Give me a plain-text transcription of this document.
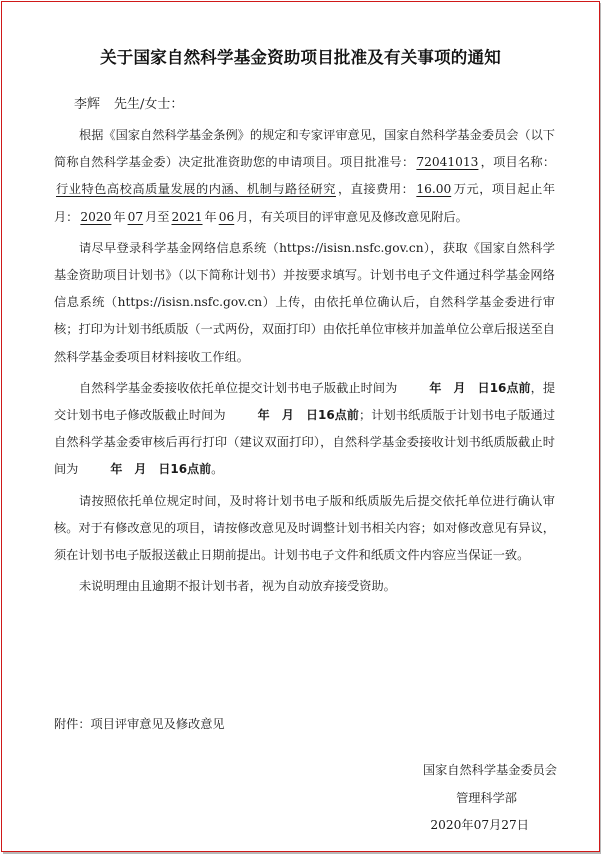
关于国家自然科学基金资助项目批准及有关事项的通知
李辉 先生/女士：

根据《国家自然科学基金条例》的规定和专家评审意见，国家自然科学基金委员会（以下简称自然科学基金委）决定批准资助您的申请项目。项目批准号： 72041013 ，项目名称：行业特色高校高质量发展的内涵、机制与路径研究 ，直接费用： 16.00 万元，项目起止年月： 2020 年 07 月至 2021 年 06 月，有关项目的评审意见及修改意见附后。

请尽早登录科学基金网络信息系统（https://isisn.nsfc.gov.cn），获取《国家自然科学基金资助项目计划书》（以下简称计划书）并按要求填写。计划书电子文件通过科学基金网络信息系统（https://isisn.nsfc.gov.cn）上传，由依托单位确认后，自然科学基金委进行审核；打印为计划书纸质版（一式两份，双面打印）由依托单位审核并加盖单位公章后报送至自然科学基金委项目材料接收工作组。

自然科学基金委接收依托单位提交计划书电子版截止时间为	年　月　日16点前，提交计划书电子修改版截止时间为	年　月　日16点前；计划书纸质版于计划书电子版通过自然科学基金委审核后再行打印（建议双面打印），自然科学基金委接收计划书纸质版截止时间为	年　月　日16点前。

请按照依托单位规定时间，及时将计划书电子版和纸质版先后提交依托单位进行确认审核。对于有修改意见的项目，请按修改意见及时调整计划书相关内容；如对修改意见有异议，须在计划书电子版报送截止日期前提出。计划书电子文件和纸质文件内容应当保证一致。

未说明理由且逾期不报计划书者，视为自动放弃接受资助。

附件：项目评审意见及修改意见
国家自然科学基金委员会
管理科学部
2020年07月27日
